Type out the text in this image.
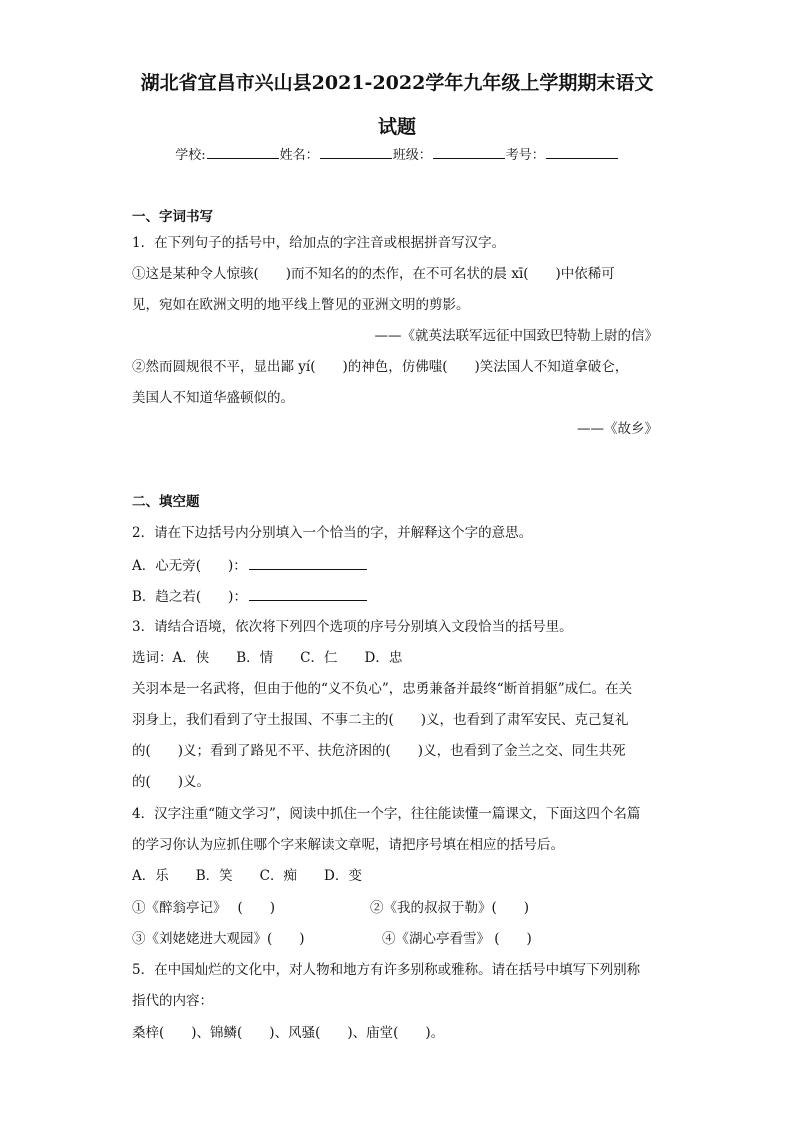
湖北省宜昌市兴山县2021-2022学年九年级上学期期末语文
试题
学校:	姓名：	班级：	考号：
一、字词书写
1．在下列句子的括号中，给加点的字注音或根据拼音写汉字。
①这是某种令人惊骇(　　)而不知名的的杰作，在不可名状的晨 xī(　　)中依稀可
见，宛如在欧洲文明的地平线上瞥见的亚洲文明的剪影。
——《就英法联军远征中国致巴特勒上尉的信》
②然而圆规很不平，显出鄙 yí(　　)的神色，仿佛嗤(　　)笑法国人不知道拿破仑，
美国人不知道华盛顿似的。
——《故乡》
二、填空题
2．请在下边括号内分别填入一个恰当的字，并解释这个字的意思。
A．心无旁(　　)：
B．趋之若(　　)：
3．请结合语境，依次将下列四个选项的序号分别填入文段恰当的括号里。
选词：A．侠　　B．情　　C．仁　　D．忠
关羽本是一名武将，但由于他的“义不负心”，忠勇兼备并最终“断首捐躯”成仁。在关
羽身上，我们看到了守土报国、不事二主的(　　)义，也看到了肃军安民、克己复礼
的(　　)义；看到了路见不平、扶危济困的(　　)义，也看到了金兰之交、同生共死
的(　　)义。
4．汉字注重“随文学习”，阅读中抓住一个字，往往能读懂一篇课文，下面这四个名篇
的学习你认为应抓住哪个字来解读文章呢，请把序号填在相应的括号后。
A．乐　　B．笑　　C．痴　　D．变
①《醉翁亭记》　 (　　)	②《我的叔叔于勒》(　　)
③《刘姥姥进大观园》(　　)	④《湖心亭看雪》 (　　)
5．在中国灿烂的文化中，对人物和地方有许多别称或雅称。请在括号中填写下列别称
指代的内容：
桑梓(　　)、锦鳞(　　)、风骚(　　)、庙堂(　　)。
